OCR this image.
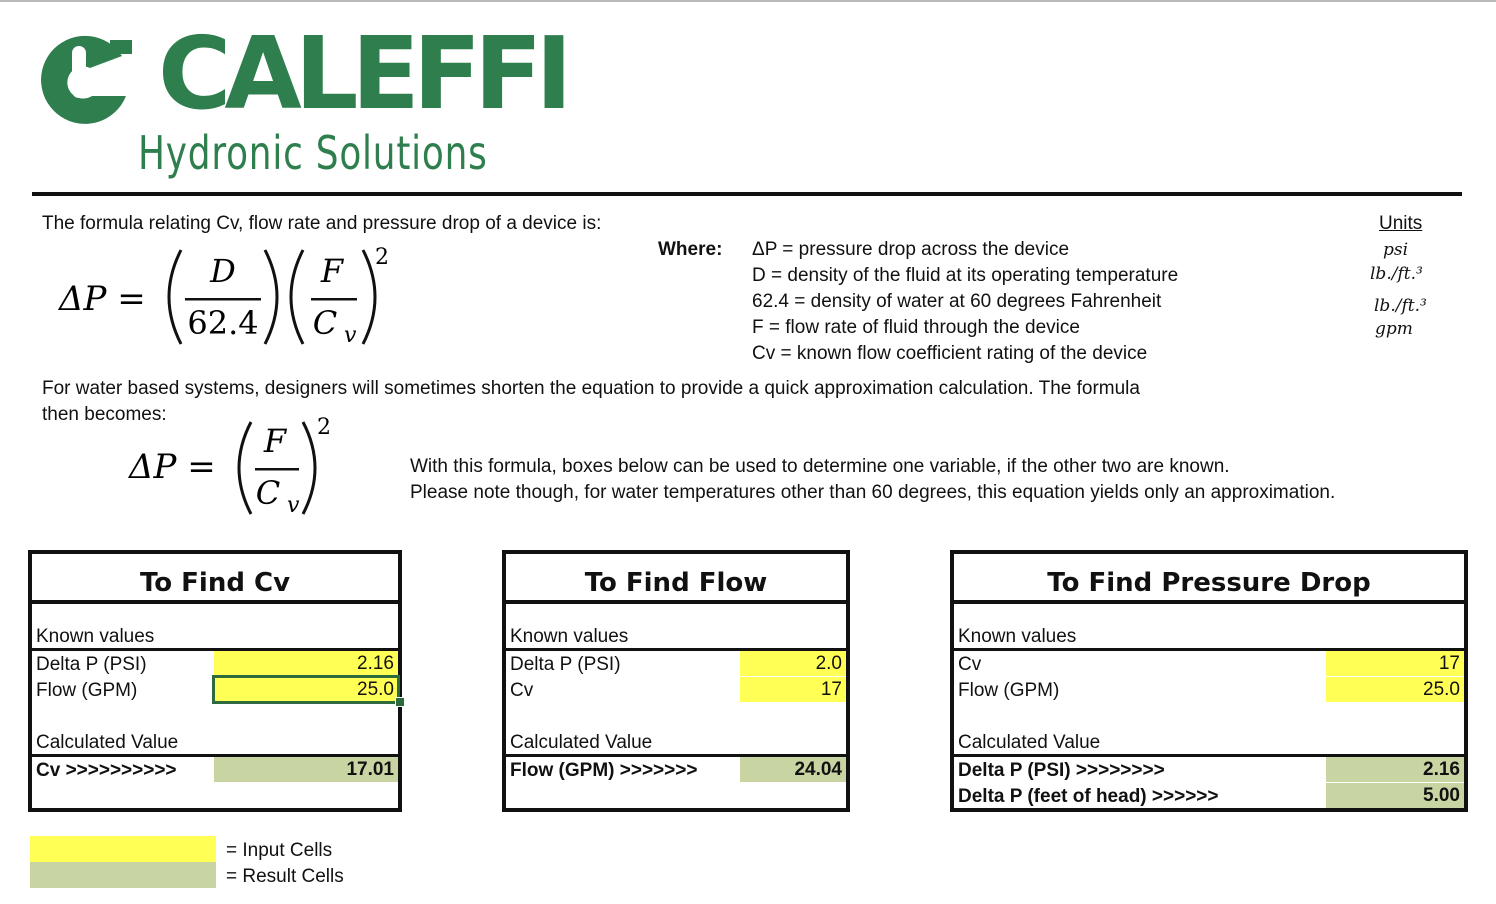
CALEFFI
Hydronic Solutions
The formula relating Cv, flow rate and pressure drop of a device is:
ΔP =
D
62.4
F
C v
2	Where: ΔP = pressure drop across the device
D = density of the fluid at its operating temperature
62.4 = density of water at 60 degrees Fahrenheit
F = flow rate of fluid through the device
Cv = known flow coefficient rating of the device
Units
psi
lb./ft.³
lb./ft.³
gpm
For water based systems, designers will sometimes shorten the equation to provide a quick approximation calculation. The formula
then becomes:
ΔP =
F
C v
2
With this formula, boxes below can be used to determine one variable, if the other two are known.
Please note though, for water temperatures other than 60 degrees, this equation yields only an approximation.
To Find Cv
Known values
Delta P (PSI)	2.16
Flow (GPM)	25.0
Calculated Value
Cv >>>>>>>>>>	17.01
To Find Flow
Known values
Delta P (PSI)	2.0
Cv	17
Calculated Value
Flow (GPM) >>>>>>>	24.04
To Find Pressure Drop
Known values
Cv	17
Flow (GPM)	25.0
Calculated Value
Delta P (PSI) >>>>>>>>	2.16
Delta P (feet of head) >>>>>>	5.00
= Input Cells
= Result Cells
